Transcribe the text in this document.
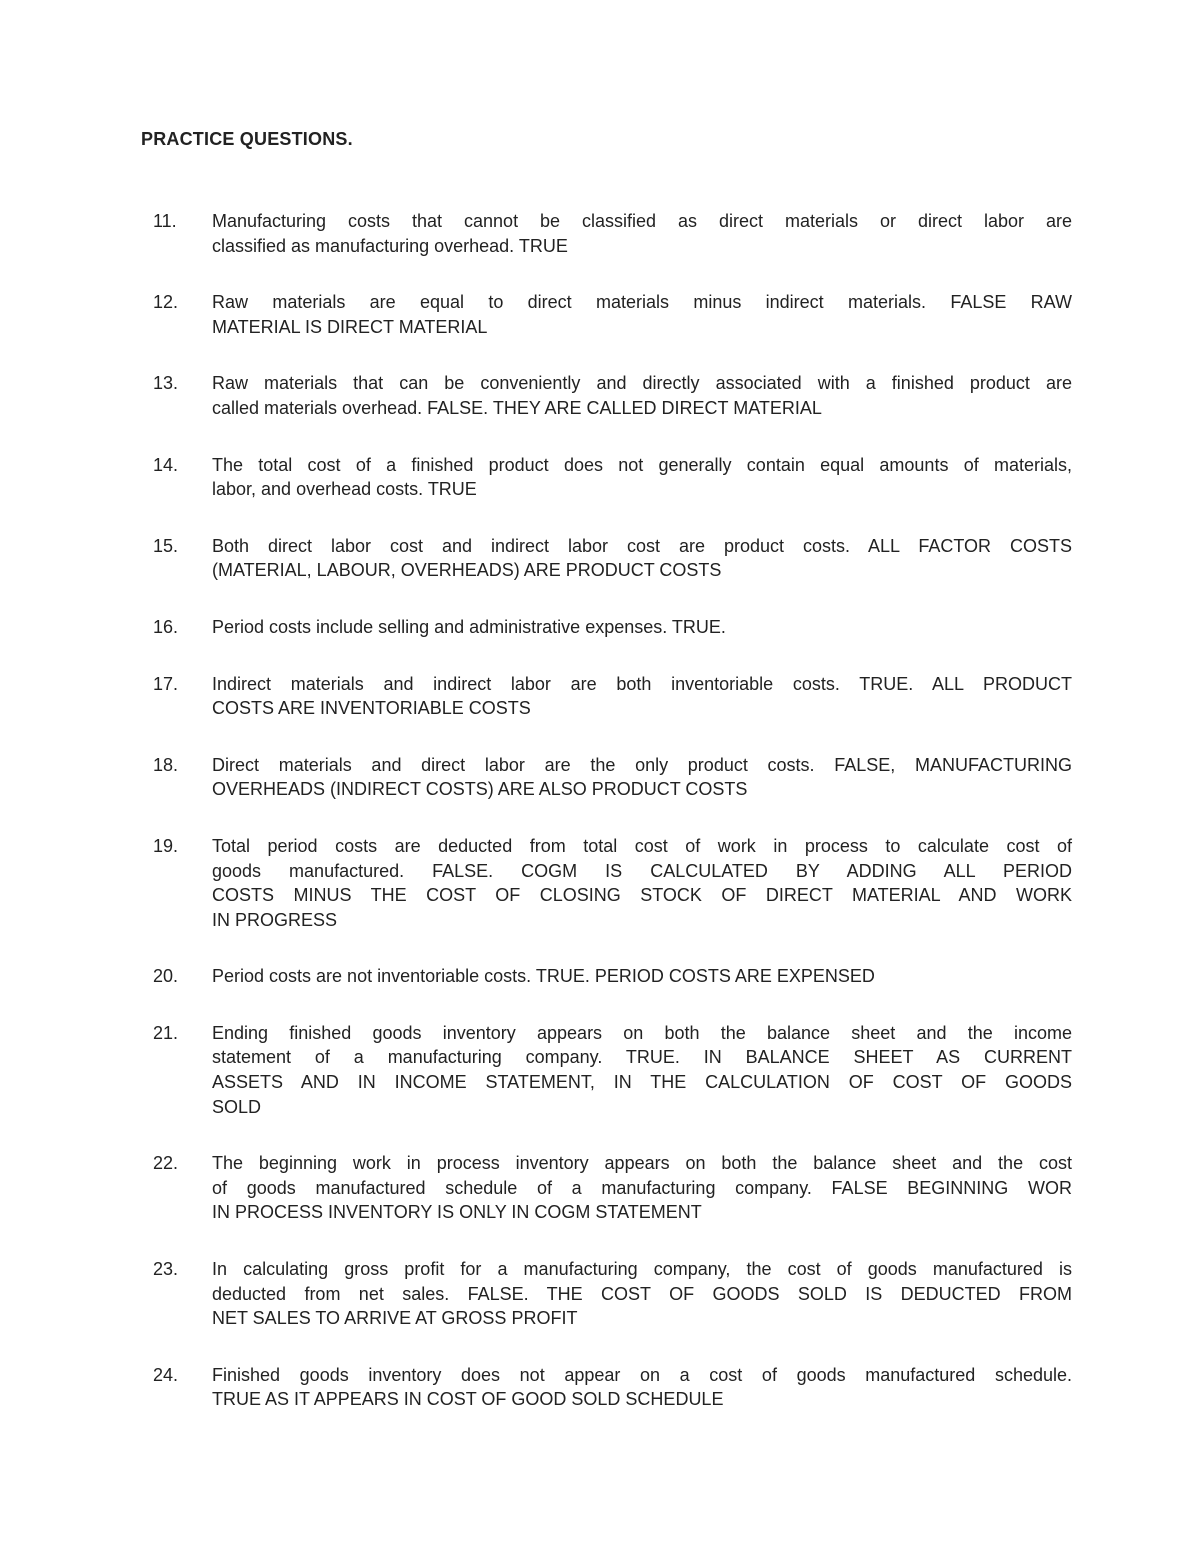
PRACTICE QUESTIONS.
11. Manufacturing costs that cannot be classified as direct materials or direct labor are
classified as manufacturing overhead. TRUE
12. Raw materials are equal to direct materials minus indirect materials. FALSE RAW
MATERIAL IS DIRECT MATERIAL
13. Raw materials that can be conveniently and directly associated with a finished product are
called materials overhead. FALSE. THEY ARE CALLED DIRECT MATERIAL
14. The total cost of a finished product does not generally contain equal amounts of materials,
labor, and overhead costs. TRUE
15. Both direct labor cost and indirect labor cost are product costs. ALL FACTOR COSTS
(MATERIAL, LABOUR, OVERHEADS) ARE PRODUCT COSTS
16. Period costs include selling and administrative expenses. TRUE.
17. Indirect materials and indirect labor are both inventoriable costs. TRUE. ALL PRODUCT
COSTS ARE INVENTORIABLE COSTS
18. Direct materials and direct labor are the only product costs. FALSE, MANUFACTURING
OVERHEADS (INDIRECT COSTS) ARE ALSO PRODUCT COSTS
19. Total period costs are deducted from total cost of work in process to calculate cost of
goods manufactured. FALSE. COGM IS CALCULATED BY ADDING ALL PERIOD
COSTS MINUS THE COST OF CLOSING STOCK OF DIRECT MATERIAL AND WORK
IN PROGRESS
20. Period costs are not inventoriable costs. TRUE. PERIOD COSTS ARE EXPENSED
21. Ending finished goods inventory appears on both the balance sheet and the income
statement of a manufacturing company. TRUE. IN BALANCE SHEET AS CURRENT
ASSETS AND IN INCOME STATEMENT, IN THE CALCULATION OF COST OF GOODS
SOLD
22. The beginning work in process inventory appears on both the balance sheet and the cost
of goods manufactured schedule of a manufacturing company. FALSE BEGINNING WOR
IN PROCESS INVENTORY IS ONLY IN COGM STATEMENT
23. In calculating gross profit for a manufacturing company, the cost of goods manufactured is
deducted from net sales. FALSE. THE COST OF GOODS SOLD IS DEDUCTED FROM
NET SALES TO ARRIVE AT GROSS PROFIT
24. Finished goods inventory does not appear on a cost of goods manufactured schedule.
TRUE AS IT APPEARS IN COST OF GOOD SOLD SCHEDULE
